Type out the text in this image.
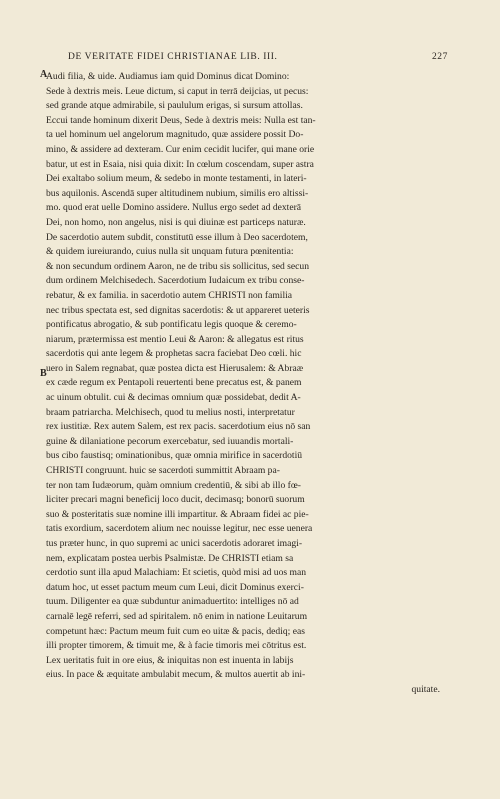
DE VERITATE FIDEI CHRISTIANAE LIB. III.	227
A
B
Audi filia, & uide. Audiamus iam quid Dominus dicat Domino:
Sede à dextris meis. Leue dictum, si caput in terrā deijcias, ut pecus:
sed grande atque admirabile, si paululum erigas, si sursum attollas.
Eccui tande hominum dixerit Deus, Sede à dextris meis: Nulla est tan-
ta uel hominum uel angelorum magnitudo, quæ assidere possit Do-
mino, & assidere ad dexteram. Cur enim cecidit lucifer, qui mane orie
batur, ut est in Esaia, nisi quia dixit: In cœlum coscendam, super astra
Dei exaltabo solium meum, & sedebo in monte testamenti, in lateri-
bus aquilonis. Ascendā super altitudinem nubium, similis ero altissi-
mo. quod erat uelle Domino assidere. Nullus ergo sedet ad dexterā
Dei, non homo, non angelus, nisi is qui diuinæ est particeps naturæ.
De sacerdotio autem subdit, constitutū esse illum à Deo sacerdotem,
& quidem iureiurando, cuius nulla sit unquam futura pœnitentia:
& non secundum ordinem Aaron, ne de tribu sis sollicitus, sed secun
dum ordinem Melchisedech. Sacerdotium Iudaicum ex tribu conse-
rebatur, & ex familia. in sacerdotio autem CHRISTI non familia
nec tribus spectata est, sed dignitas sacerdotis: & ut appareret ueteris
pontificatus abrogatio, & sub pontificatu legis quoque & ceremo-
niarum, prætermissa est mentio Leui & Aaron: & allegatus est ritus
sacerdotis qui ante legem & prophetas sacra faciebat Deo cœli. hic
uero in Salem regnabat, quæ postea dicta est Hierusalem: & Abraæ
ex cæde regum ex Pentapoli reuertenti bene precatus est, & panem
ac uinum obtulit. cui & decimas omnium quæ possidebat, dedit A-
braam patriarcha. Melchisech, quod tu melius nosti, interpretatur
rex iustitiæ. Rex autem Salem, est rex pacis. sacerdotium eius nō san
guine & dilaniatione pecorum exercebatur, sed iuuandis mortali-
bus cibo faustisq; ominationibus, quæ omnia mirifice in sacerdotiū
CHRISTI congruunt. huic se sacerdoti summittit Abraam pa-
ter non tam Iudæorum, quàm omnium credentiū, & sibi ab illo fœ-
liciter precari magni beneficij loco ducit, decimasq; bonorū suorum
suo & posteritatis suæ nomine illi impartitur. & Abraam fidei ac pie-
tatis exordium, sacerdotem alium nec nouisse legitur, nec esse uenera
tus præter hunc, in quo supremi ac unici sacerdotis adoraret imagi-
nem, explicatam postea uerbis Psalmistæ. De CHRISTI etiam sa
cerdotio sunt illa apud Malachiam: Et scietis, quòd misi ad uos man
datum hoc, ut esset pactum meum cum Leui, dicit Dominus exerci-
tuum. Diligenter ea quæ subduntur animaduertito: intelliges nō ad
carnalē legē referri, sed ad spiritalem. nō enim in natione Leuitarum
competunt hæc: Pactum meum fuit cum eo uitæ & pacis, dediq; eas
illi propter timorem, & timuit me, & à facie timoris mei cōtritus est.
Lex ueritatis fuit in ore eius, & iniquitas non est inuenta in labijs
eius. In pace & æquitate ambulabit mecum, & multos auertit ab ini-
quitate.
